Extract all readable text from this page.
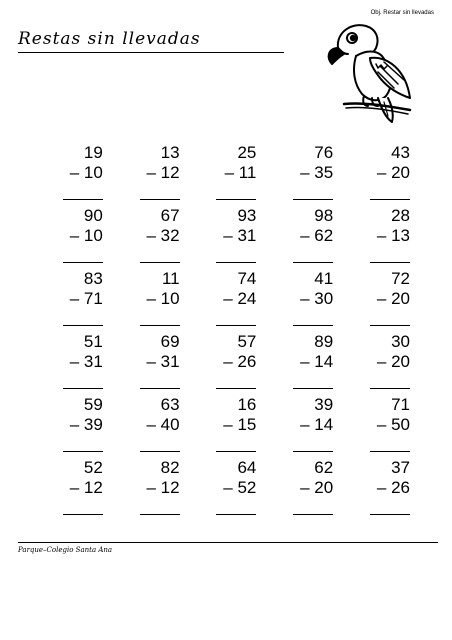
Obj. Restar sin llevadas
Restas sin llevadas
19
– 10
13
– 12
25
– 11
76
– 35
43
– 20
90
– 10
67
– 32
93
– 31
98
– 62
28
– 13
83
– 71
11
– 10
74
– 24
41
– 30
72
– 20
51
– 31
69
– 31
57
– 26
89
– 14
30
– 20
59
– 39
63
– 40
16
– 15
39
– 14
71
– 50
52
– 12
82
– 12
64
– 52
62
– 20
37
– 26
Parque–Colegio Santa Ana
